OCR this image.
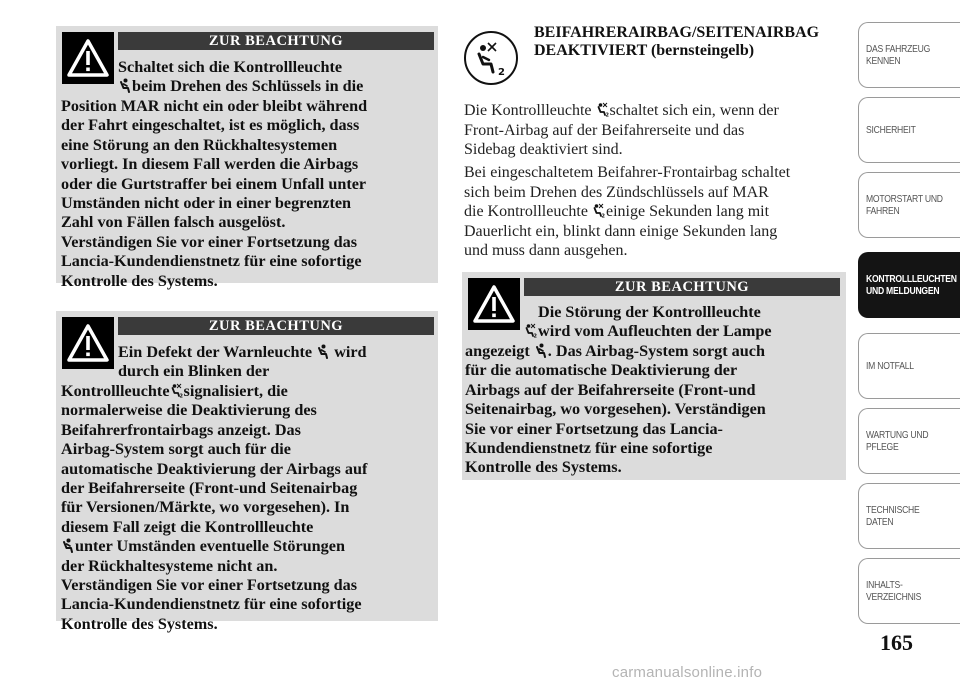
ZUR BEACHTUNG
Schaltet sich die Kontrollleuchte
beim Drehen des Schlüssels in die
Position MAR nicht ein oder bleibt während
der Fahrt eingeschaltet, ist es möglich, dass
eine Störung an den Rückhaltesystemen
vorliegt. In diesem Fall werden die Airbags
oder die Gurtstraffer bei einem Unfall unter
Umständen nicht oder in einer begrenzten
Zahl von Fällen falsch ausgelöst.
Verständigen Sie vor einer Fortsetzung das
Lancia-Kundendienstnetz für eine sofortige
Kontrolle des Systems.
ZUR BEACHTUNG
Ein Defekt der Warnleuchte wird
durch ein Blinken der
Kontrollleuchte signalisiert, die
normalerweise die Deaktivierung des
Beifahrerfrontairbags anzeigt. Das
Airbag-System sorgt auch für die
automatische Deaktivierung der Airbags auf
der Beifahrerseite (Front-und Seitenairbag
für Versionen/Märkte, wo vorgesehen). In
diesem Fall zeigt die Kontrollleuchte
unter Umständen eventuelle Störungen
der Rückhaltesysteme nicht an.
Verständigen Sie vor einer Fortsetzung das
Lancia-Kundendienstnetz für eine sofortige
Kontrolle des Systems.
2
BEIFAHRERAIRBAG/SEITENAIRBAG
DEAKTIVIERT (bernsteingelb)
Die Kontrollleuchte schaltet sich ein, wenn der
Front-Airbag auf der Beifahrerseite und das
Sidebag deaktiviert sind.
Bei eingeschaltetem Beifahrer-Frontairbag schaltet
sich beim Drehen des Zündschlüssels auf MAR
die Kontrollleuchte einige Sekunden lang mit
Dauerlicht ein, blinkt dann einige Sekunden lang
und muss dann ausgehen.
ZUR BEACHTUNG
Die Störung der Kontrollleuchte
wird vom Aufleuchten der Lampe
angezeigt . Das Airbag-System sorgt auch
für die automatische Deaktivierung der
Airbags auf der Beifahrerseite (Front-und
Seitenairbag, wo vorgesehen). Verständigen
Sie vor einer Fortsetzung das Lancia-
Kundendienstnetz für eine sofortige
Kontrolle des Systems.
DAS FAHRZEUG
KENNEN
SICHERHEIT
MOTORSTART UND
FAHREN
KONTROLLLEUCHTEN
UND MELDUNGEN
IM NOTFALL
WARTUNG UND
PFLEGE
TECHNISCHE
DATEN
INHALTS-
VERZEICHNIS
165
carmanualsonline.info
